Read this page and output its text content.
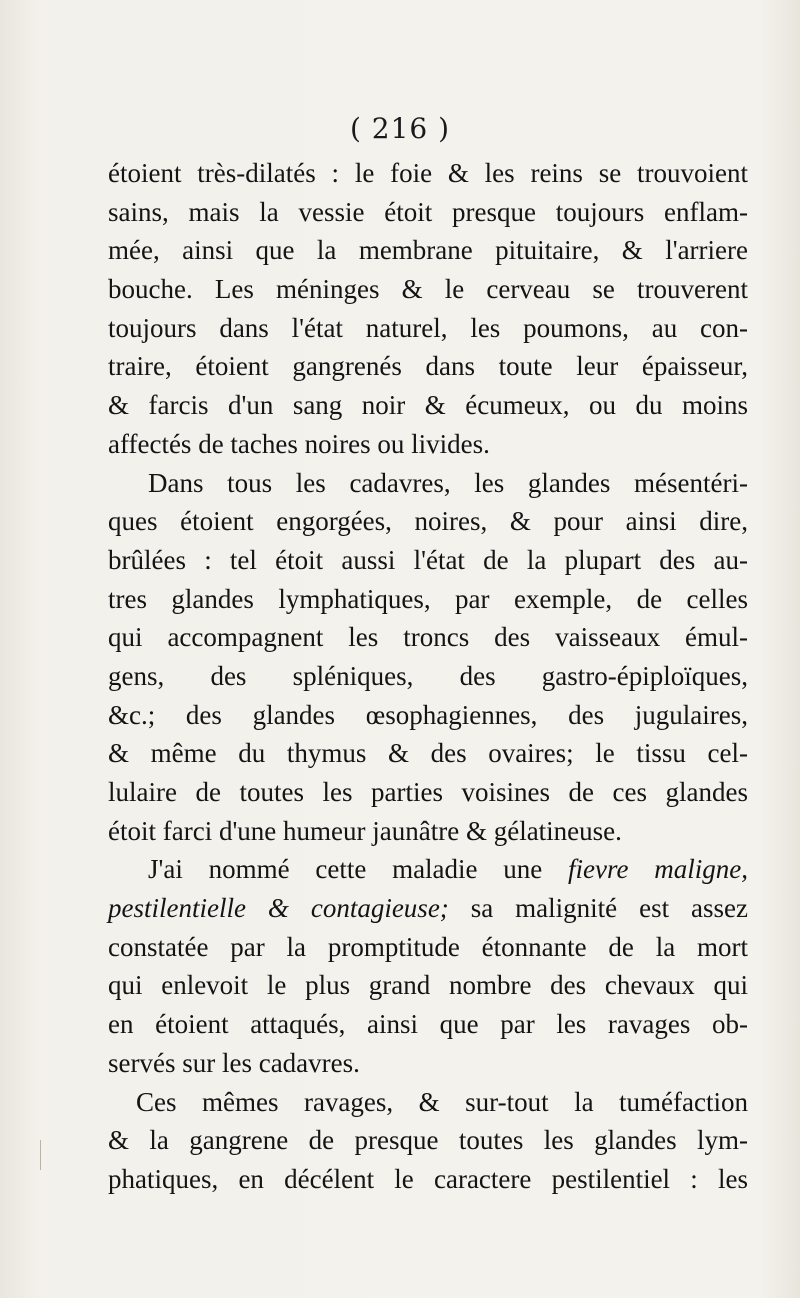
( 216 )
étoient très-dilatés : le foie & les reins se trouvoient
sains, mais la vessie étoit presque toujours enflam-
mée, ainsi que la membrane pituitaire, & l'arriere
bouche. Les méninges & le cerveau se trouverent
toujours dans l'état naturel, les poumons, au con-
traire, étoient gangrenés dans toute leur épaisseur,
& farcis d'un sang noir & écumeux, ou du moins
affectés de taches noires ou livides.
Dans tous les cadavres, les glandes mésentéri-
ques étoient engorgées, noires, & pour ainsi dire,
brûlées : tel étoit aussi l'état de la plupart des au-
tres glandes lymphatiques, par exemple, de celles
qui accompagnent les troncs des vaisseaux émul-
gens, des spléniques, des gastro-épiploïques,
&c.; des glandes œsophagiennes, des jugulaires,
& même du thymus & des ovaires; le tissu cel-
lulaire de toutes les parties voisines de ces glandes
étoit farci d'une humeur jaunâtre & gélatineuse.
J'ai nommé cette maladie une fievre maligne,
pestilentielle & contagieuse; sa malignité est assez
constatée par la promptitude étonnante de la mort
qui enlevoit le plus grand nombre des chevaux qui
en étoient attaqués, ainsi que par les ravages ob-
servés sur les cadavres.
Ces mêmes ravages, & sur-tout la tuméfaction
& la gangrene de presque toutes les glandes lym-
phatiques, en décélent le caractere pestilentiel : les
